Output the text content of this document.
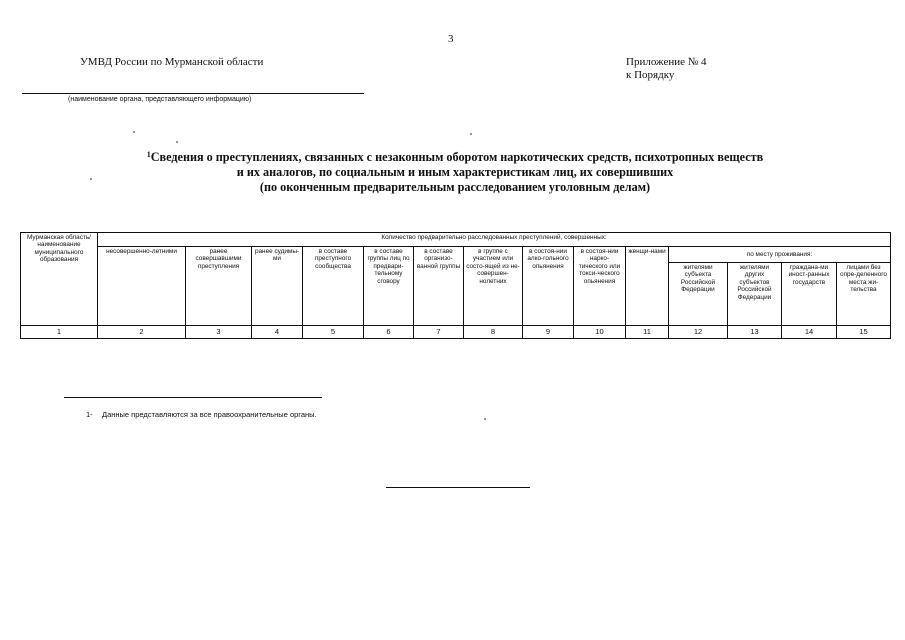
3
УМВД России по Мурманской области	Приложение № 4
к Порядку
(наименование органа, представляющего информацию)
$^1$Сведения о преступлениях, связанных с незаконным оборотом наркотических средств, психотропных веществ
и их аналогов, по социальным и иным характеристикам лиц, их совершивших
(по оконченным предварительным расследованием уголовным делам)
Мурманская область/ наименование муниципального образования	Количество предварительно расследованных преступлений, совершенных:													
	несовершенно-летними	ранее совершавшими преступления	ранее судимы-ми	в составе преступного сообщества	в составе группы лиц по предвари-тельному сговору	в составе организо-ванной группы	в группе с участием или состо-ящей из не-совершен-нолетних	в состоя-нии алко-гольного опьянения	в состоя-нии нарко-тического или токси-ческого опьянения	женщи-нами	по месту проживания:			
											жителями субъекта Российской Федерации	жителями других субъектов Российской Федерации	граждана-ми иност-ранных государств	лицами без опре-деленного места жи-тельства
1	2	3	4	5	6	7	8	9	10	11	12	13	14	15
1- Данные представляются за все правоохранительные органы.
